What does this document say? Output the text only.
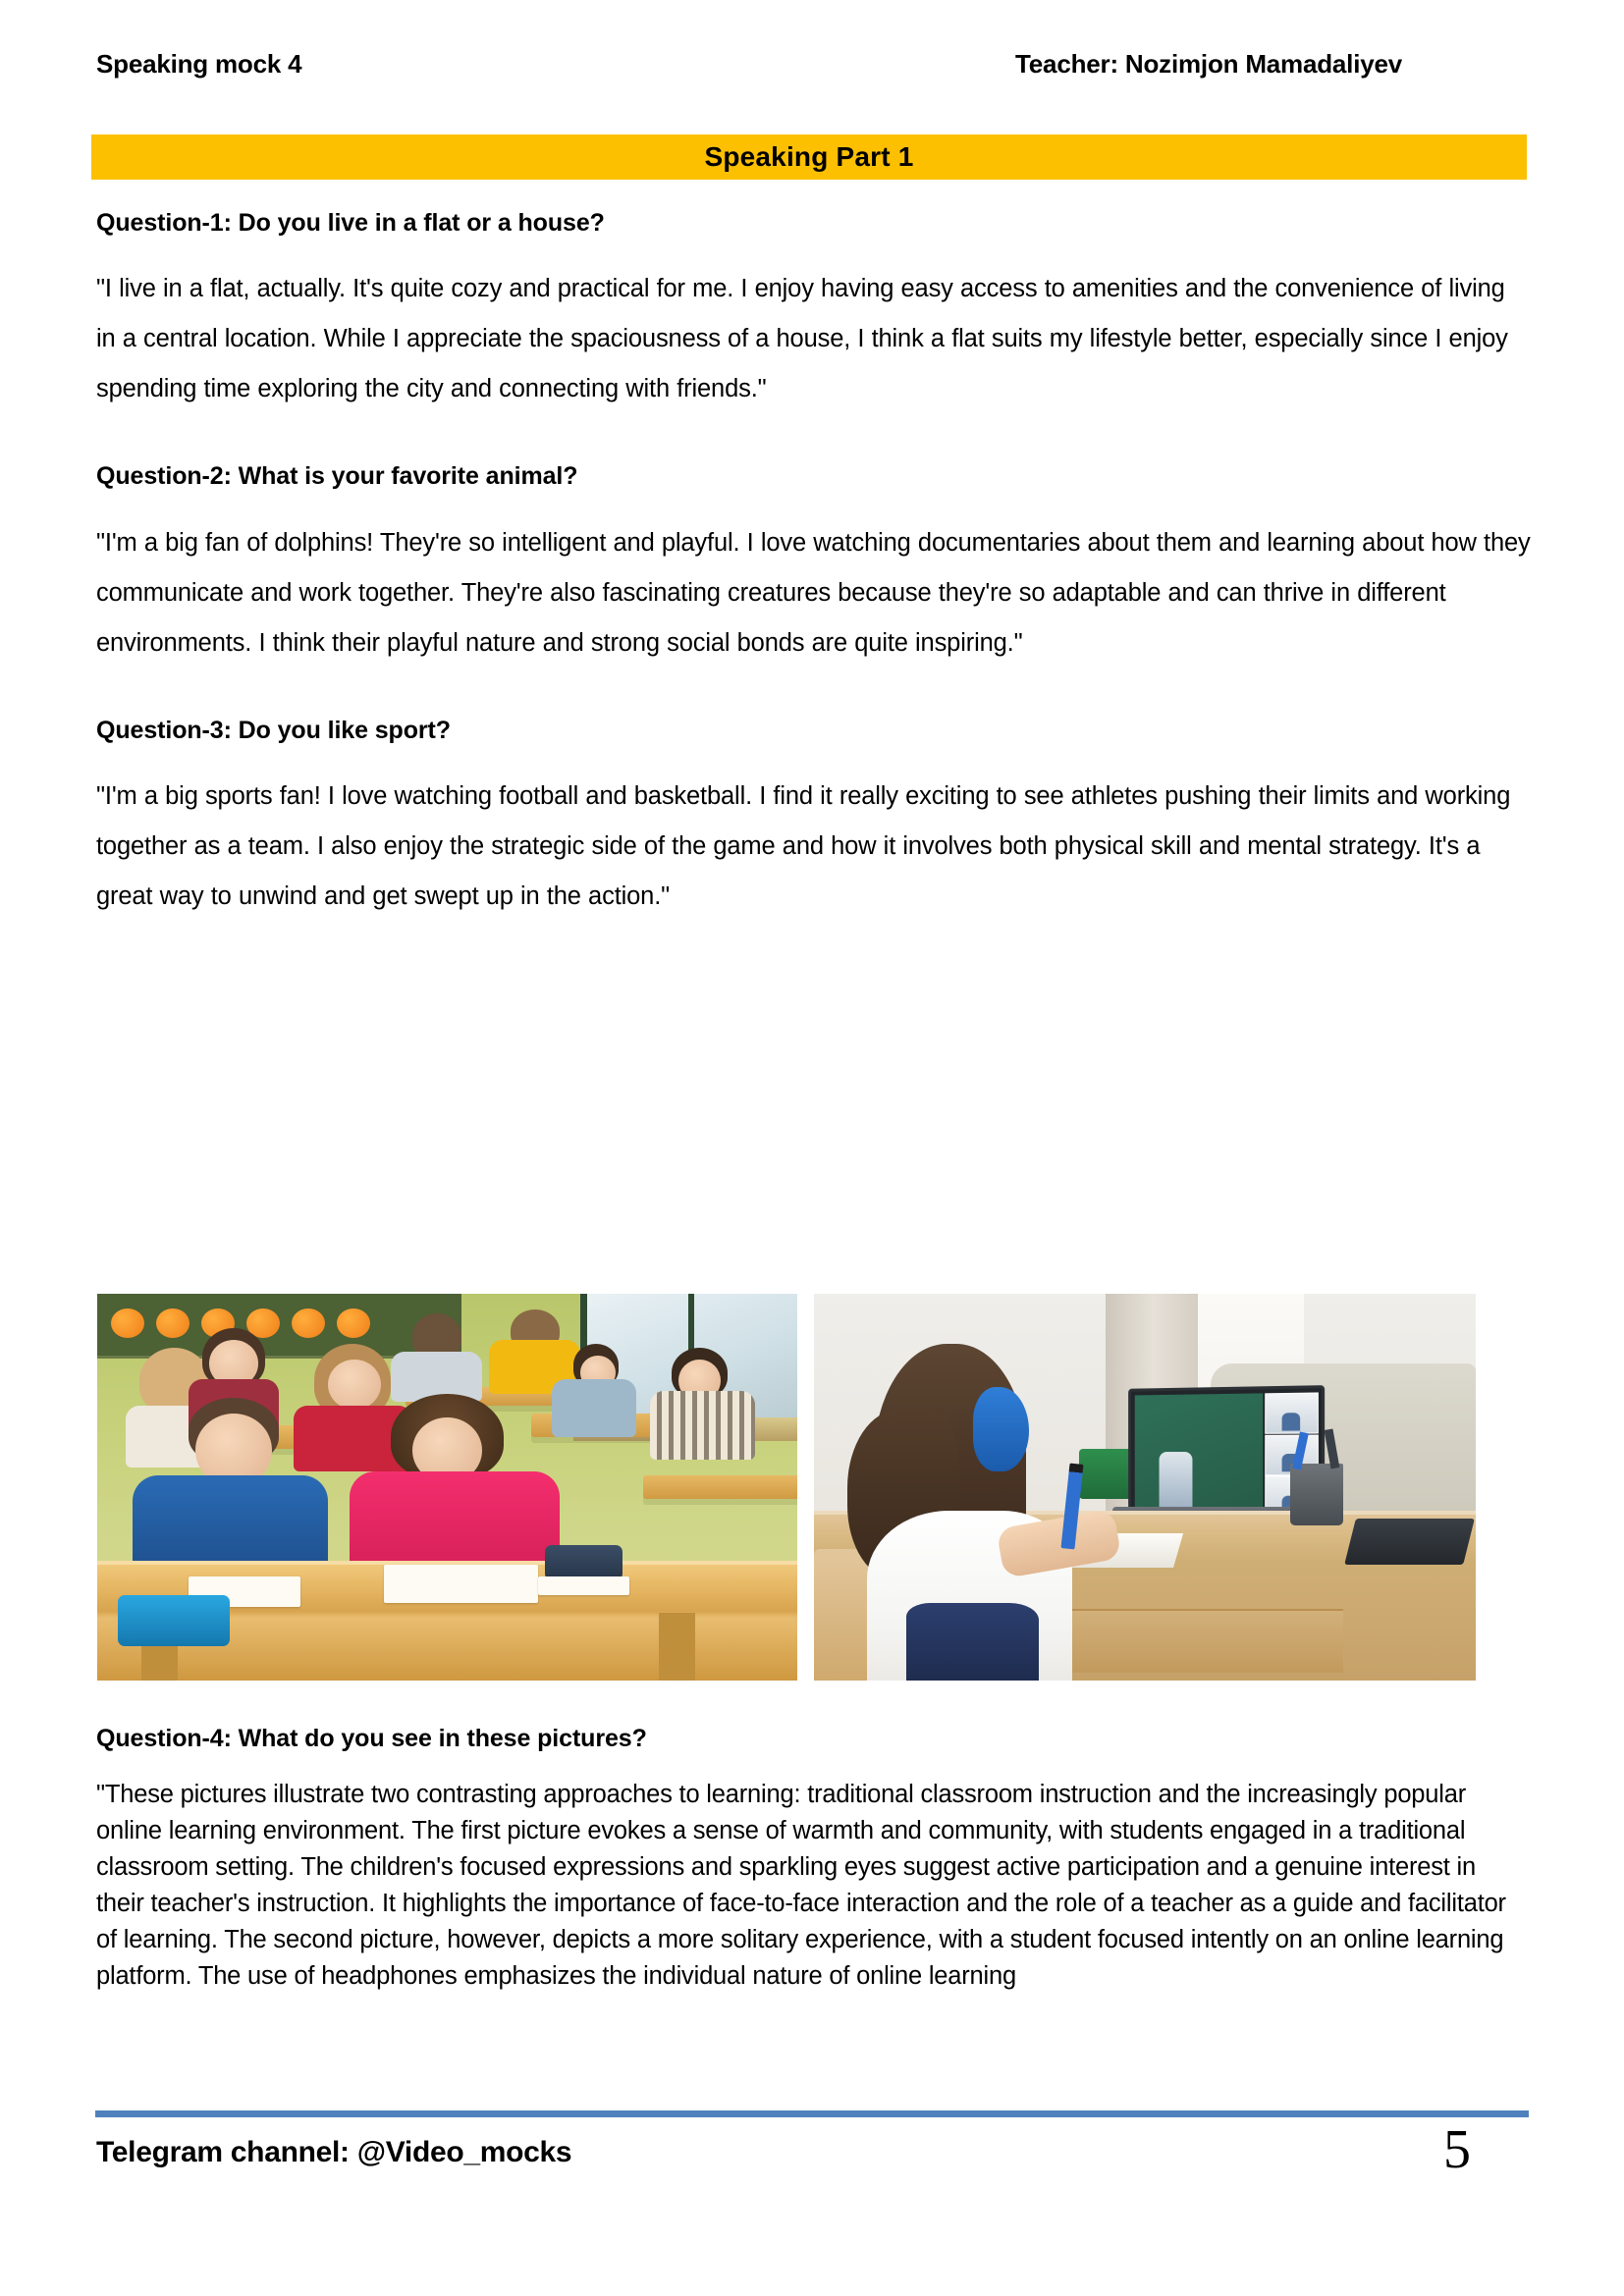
Speaking mock 4	Teacher: Nozimjon Mamadaliyev
Speaking Part 1

Question-1: Do you live in a flat or a house?

"I live in a flat, actually. It's quite cozy and practical for me. I enjoy having easy access to amenities and the convenience of living in a central location. While I appreciate the spaciousness of a house, I think a flat suits my lifestyle better, especially since I enjoy spending time exploring the city and connecting with friends."

Question-2: What is your favorite animal?

"I'm a big fan of dolphins! They're so intelligent and playful. I love watching documentaries about them and learning about how they communicate and work together. They're also fascinating creatures because they're so adaptable and can thrive in different environments. I think their playful nature and strong social bonds are quite inspiring."

Question-3: Do you like sport?

"I'm a big sports fan! I love watching football and basketball. I find it really exciting to see athletes pushing their limits and working together as a team. I also enjoy the strategic side of the game and how it involves both physical skill and mental strategy. It's a great way to unwind and get swept up in the action."

Question-4: What do you see in these pictures?

"These pictures illustrate two contrasting approaches to learning: traditional classroom instruction and the increasingly popular online learning environment. The first picture evokes a sense of warmth and community, with students engaged in a traditional classroom setting. The children's focused expressions and sparkling eyes suggest active participation and a genuine interest in their teacher's instruction. It highlights the importance of face-to-face interaction and the role of a teacher as a guide and facilitator of learning. The second picture, however, depicts a more solitary experience, with a student focused intently on an online learning platform. The use of headphones emphasizes the individual nature of online learning

Telegram channel: @Video_mocks	5
